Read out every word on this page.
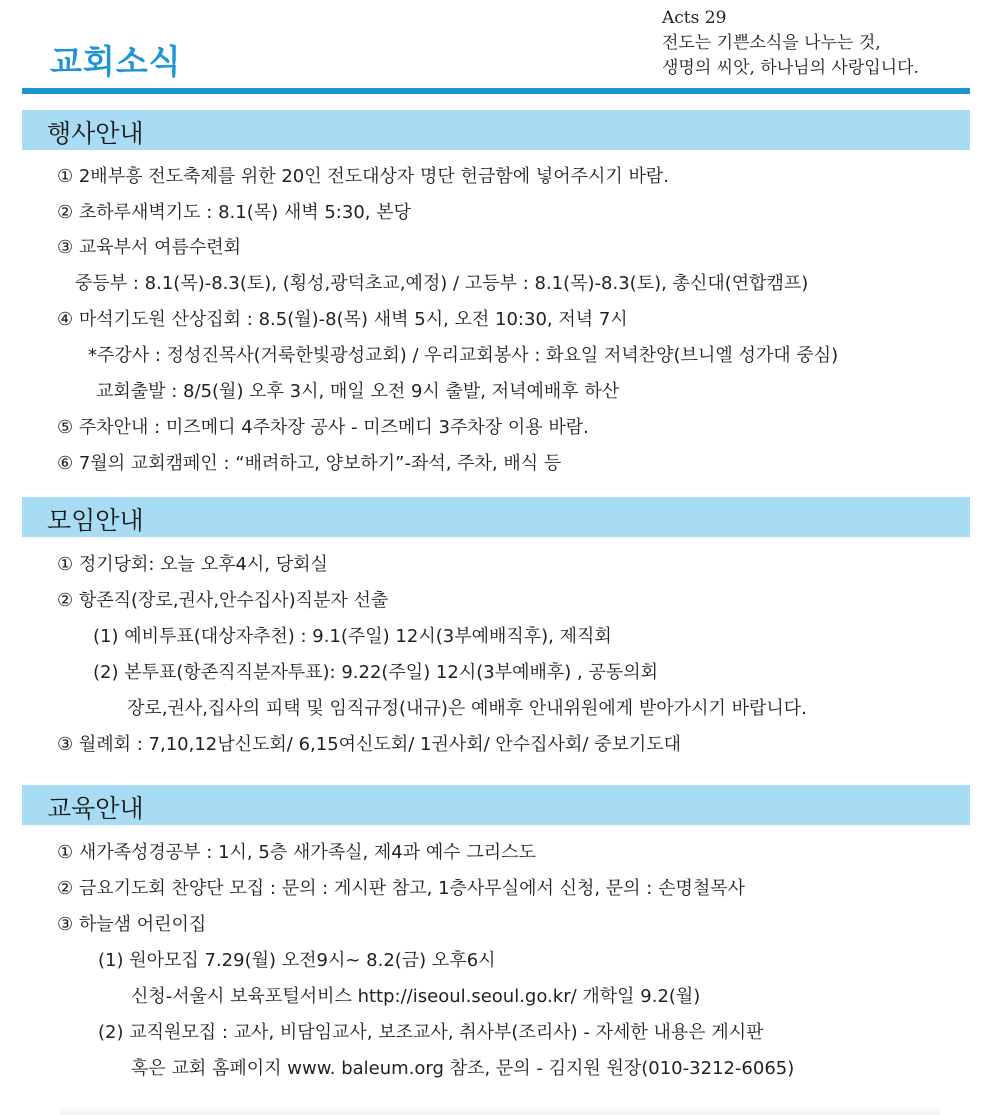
교회소식
Acts 29
전도는 기쁜소식을 나누는 것,
생명의 씨앗, 하나님의 사랑입니다.
행사안내
① 2배부흥 전도축제를 위한 20인 전도대상자 명단 헌금함에 넣어주시기 바람.
② 초하루새벽기도 : 8.1(목) 새벽 5:30, 본당
③ 교육부서 여름수련회
중등부 : 8.1(목)-8.3(토), (횡성,광덕초교,예정) / 고등부 : 8.1(목)-8.3(토), 총신대(연합캠프)
④ 마석기도원 산상집회 : 8.5(월)-8(목) 새벽 5시, 오전 10:30, 저녁 7시
*주강사 : 정성진목사(거룩한빛광성교회) / 우리교회봉사 : 화요일 저녁찬양(브니엘 성가대 중심)
교회출발 : 8/5(월) 오후 3시, 매일 오전 9시 출발, 저녁예배후 하산
⑤ 주차안내 : 미즈메디 4주차장 공사 - 미즈메디 3주차장 이용 바람.
⑥ 7월의 교회캠페인 : “배려하고, 양보하기”-좌석, 주차, 배식 등
모임안내
① 정기당회: 오늘 오후4시, 당회실
② 항존직(장로,권사,안수집사)직분자 선출
(1) 예비투표(대상자추천) : 9.1(주일) 12시(3부예배직후), 제직회
(2) 본투표(항존직직분자투표): 9.22(주일) 12시(3부예배후) , 공동의회
장로,권사,집사의 피택 및 임직규정(내규)은 예배후 안내위원에게 받아가시기 바랍니다.
③ 월례회 : 7,10,12남신도회/ 6,15여신도회/ 1권사회/ 안수집사회/ 중보기도대
교육안내
① 새가족성경공부 : 1시, 5층 새가족실, 제4과 예수 그리스도
② 금요기도회 찬양단 모집 : 문의 : 게시판 참고, 1층사무실에서 신청, 문의 : 손명철목사
③ 하늘샘 어린이집
(1) 원아모집 7.29(월) 오전9시~ 8.2(금) 오후6시
신청-서울시 보육포털서비스 http://iseoul.seoul.go.kr/ 개학일 9.2(월)
(2) 교직원모집 : 교사, 비담임교사, 보조교사, 취사부(조리사) - 자세한 내용은 게시판
혹은 교회 홈페이지 www. baleum.org 참조, 문의 - 김지원 원장(010-3212-6065)
